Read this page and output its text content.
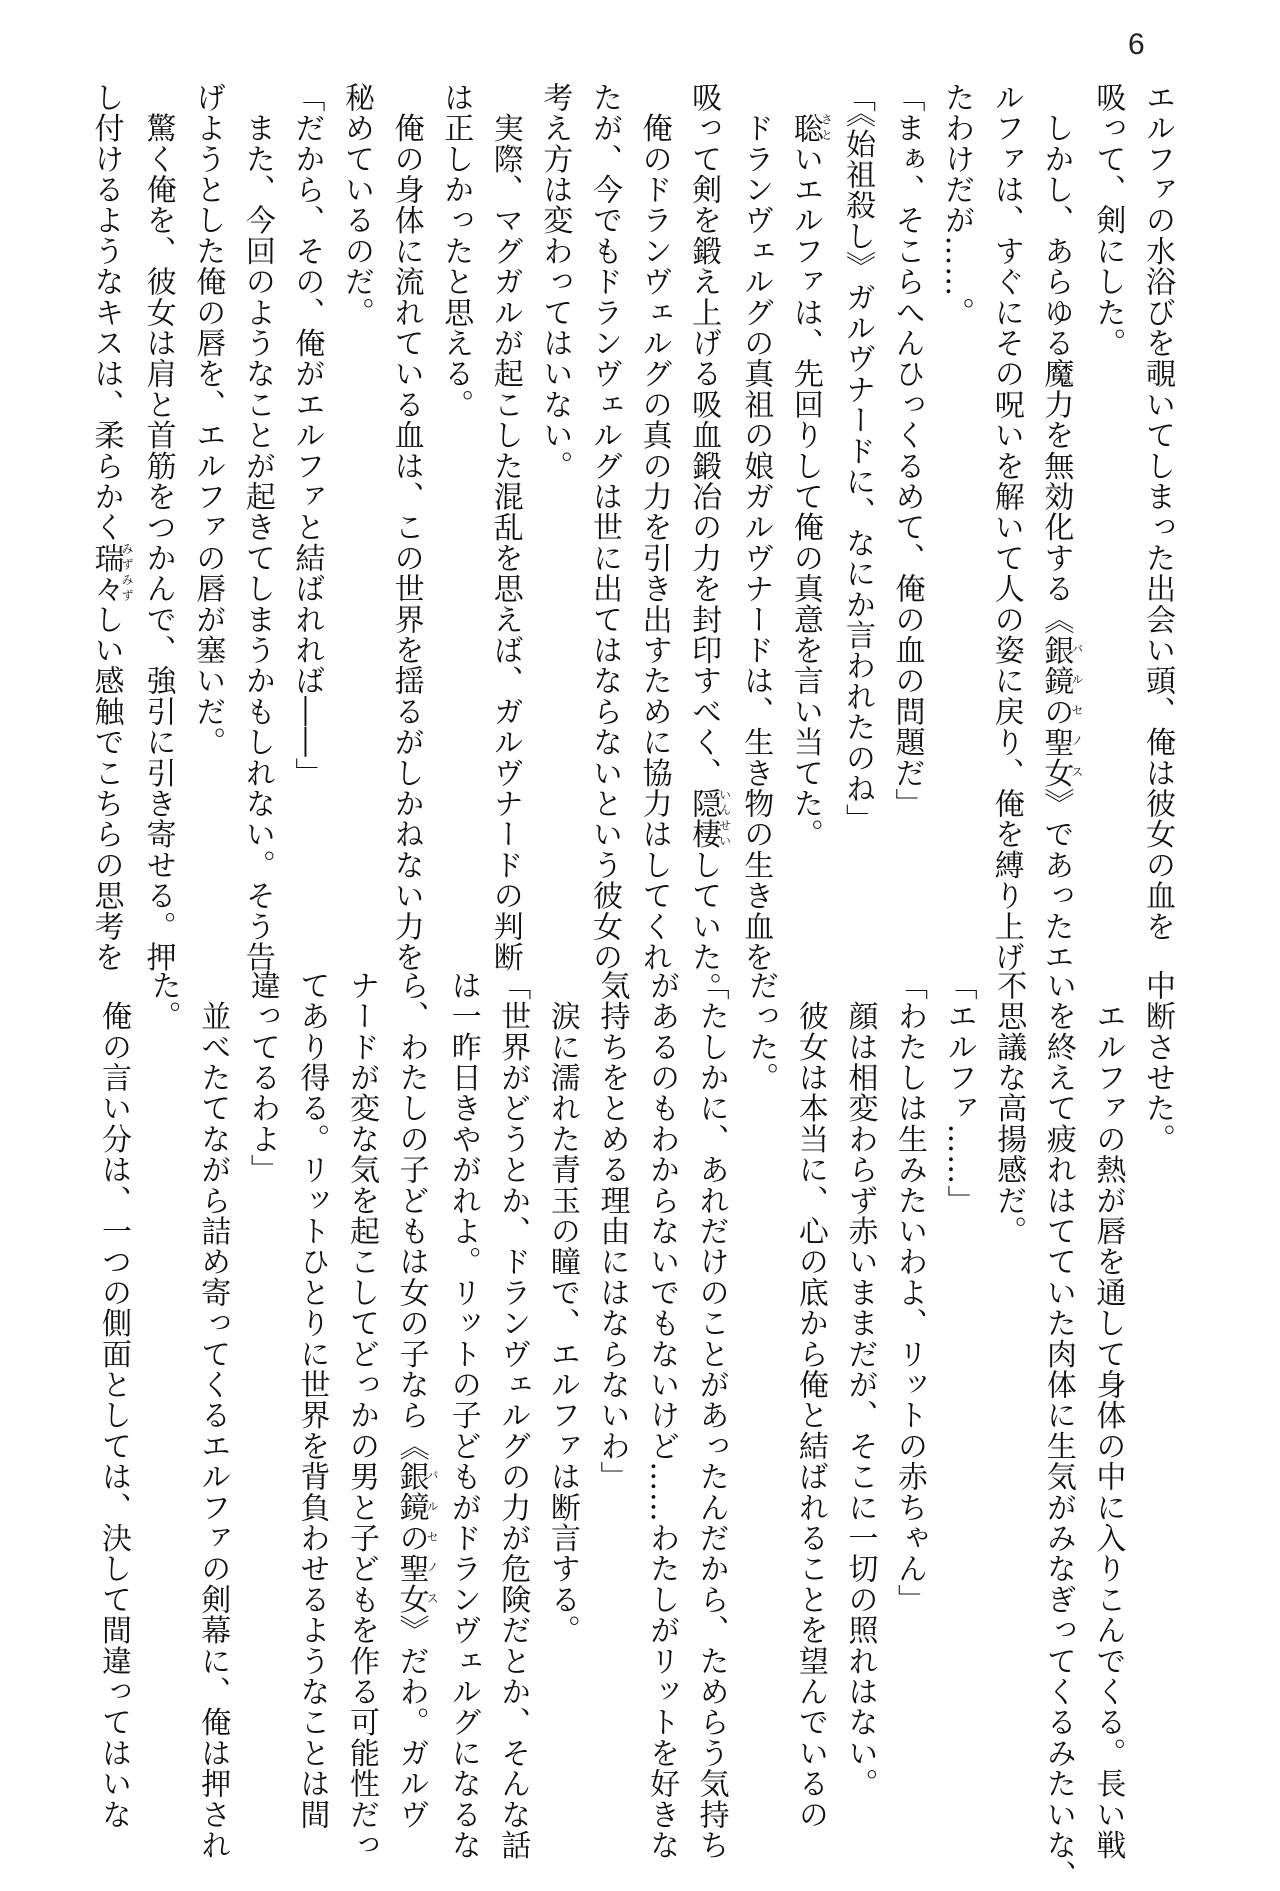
6
エルファの水浴びを覗いてしまった出会い頭、俺は彼女の血を
吸って、剣にした。
　しかし、あらゆる魔力を無効化する《銀鏡の聖女バルセノス》であったエ
ルファは、すぐにその呪いを解いて人の姿に戻り、俺を縛り上げ
たわけだが……。
「まぁ、そこらへんひっくるめて、俺の血の問題だ」
「《始祖殺し》ガルヴナードに、なにか言われたのね」
　聡さといエルファは、先回りして俺の真意を言い当てた。
　ドランヴェルグの真祖の娘ガルヴナードは、生き物の生き血を
吸って剣を鍛え上げる吸血鍛冶の力を封印すべく、隠棲いんせいしていた。
　俺のドランヴェルグの真の力を引き出すために協力はしてくれ
たが、今でもドランヴェルグは世に出てはならないという彼女の
考え方は変わってはいない。
　実際、マグガルが起こした混乱を思えば、ガルヴナードの判断
は正しかったと思える。
　俺の身体に流れている血は、この世界を揺るがしかねない力を
秘めているのだ。
「だから、その、俺がエルファと結ばれれば――」
　また、今回のようなことが起きてしまうかもしれない。そう告
げようとした俺の唇を、エルファの唇が塞いだ。
　驚く俺を、彼女は肩と首筋をつかんで、強引に引き寄せる。押
し付けるようなキスは、柔らかく瑞々みずみずしい感触でこちらの思考を
中断させた。
　エルファの熱が唇を通して身体の中に入りこんでくる。長い戦
いを終えて疲れはてていた肉体に生気がみなぎってくるみたいな、
不思議な高揚感だ。
「エルファ……」
「わたしは生みたいわよ、リットの赤ちゃん」
　顔は相変わらず赤いままだが、そこに一切の照れはない。
　彼女は本当に、心の底から俺と結ばれることを望んでいるの
だった。
「たしかに、あれだけのことがあったんだから、ためらう気持ち
があるのもわからないでもないけど……わたしがリットを好きな
気持ちをとめる理由にはならないわ」
　涙に濡れた青玉の瞳で、エルファは断言する。
「世界がどうとか、ドランヴェルグの力が危険だとか、そんな話
は一昨日きやがれよ。リットの子どもがドランヴェルグになるな
ら、わたしの子どもは女の子なら《銀鏡の聖女バルセノス》だわ。ガルヴ
ナードが変な気を起こしてどっかの男と子どもを作る可能性だっ
てあり得る。リットひとりに世界を背負わせるようなことは間
違ってるわよ」
　並べたてながら詰め寄ってくるエルファの剣幕に、俺は押され
た。
　俺の言い分は、一つの側面としては、決して間違ってはいな
